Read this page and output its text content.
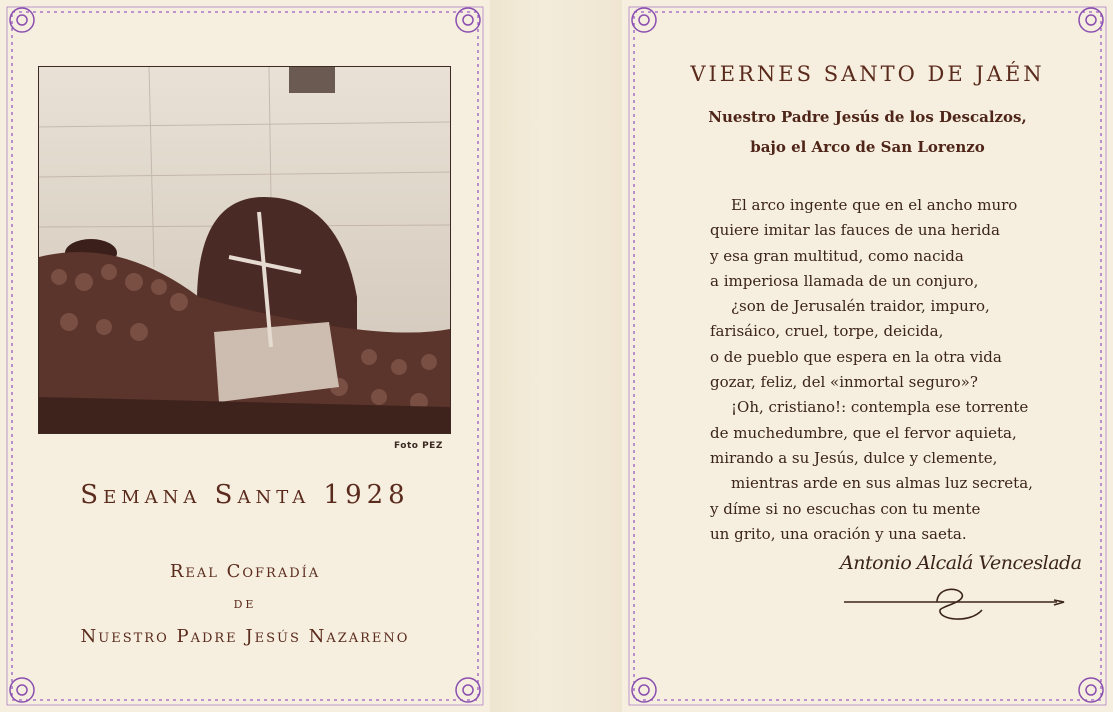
Foto PEZ
Semana Santa 1928
Real Cofradía
de
Nuestro Padre Jesús Nazareno
VIERNES SANTO DE JAÉN
Nuestro Padre Jesús de los Descalzos,
bajo el Arco de San Lorenzo
El arco ingente que en el ancho muro
quiere imitar las fauces de una herida
y esa gran multitud, como nacida
a imperiosa llamada de un conjuro,
¿son de Jerusalén traidor, impuro,
farisáico, cruel, torpe, deicida,
o de pueblo que espera en la otra vida
gozar, feliz, del «inmortal seguro»?
¡Oh, cristiano!: contempla ese torrente
de muchedumbre, que el fervor aquieta,
mirando a su Jesús, dulce y clemente,
mientras arde en sus almas luz secreta,
y díme si no escuchas con tu mente
un grito, una oración y una saeta.
Antonio Alcalá Venceslada
